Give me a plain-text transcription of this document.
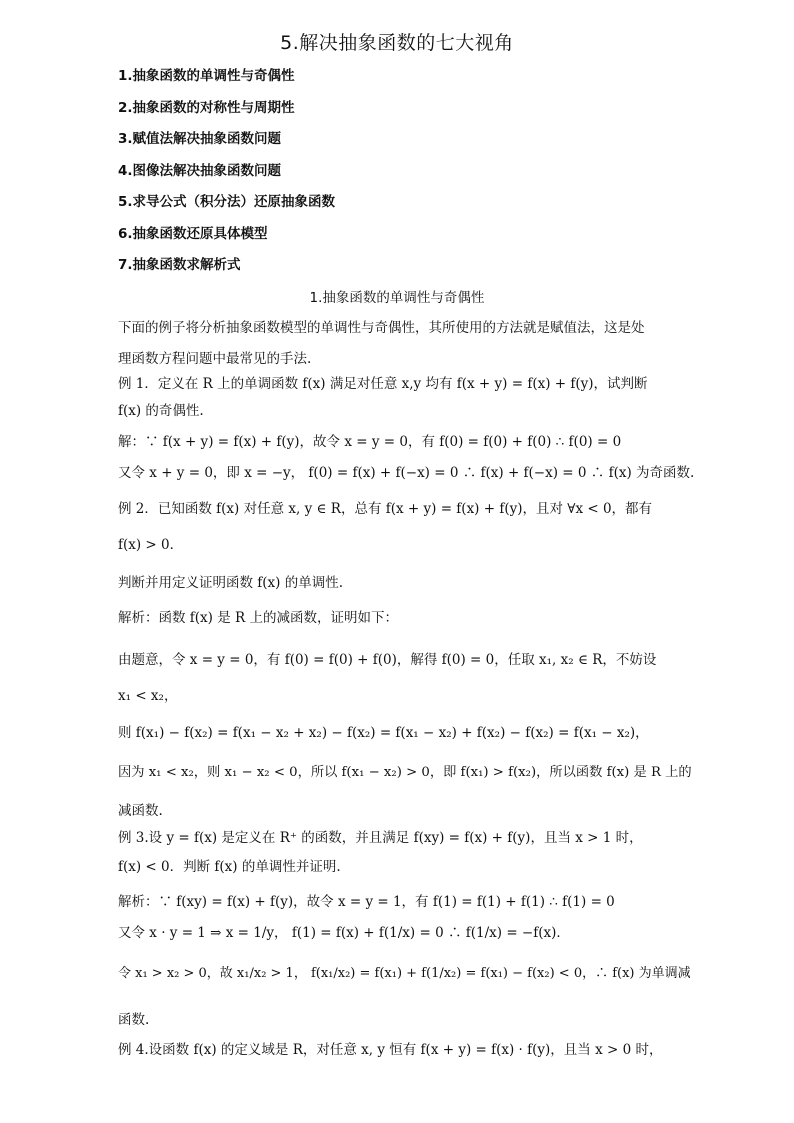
5.解决抽象函数的七大视角
1.抽象函数的单调性与奇偶性
2.抽象函数的对称性与周期性
3.赋值法解决抽象函数问题
4.图像法解决抽象函数问题
5.求导公式（积分法）还原抽象函数
6.抽象函数还原具体模型
7.抽象函数求解析式
1.抽象函数的单调性与奇偶性
下面的例子将分析抽象函数模型的单调性与奇偶性，其所使用的方法就是赋值法，这是处
理函数方程问题中最常见的手法.
例 1．定义在 R 上的单调函数 f(x) 满足对任意 x,y 均有 f(x + y) = f(x) + f(y)，试判断
f(x) 的奇偶性.
解：∵ f(x + y) = f(x) + f(y)，故令 x = y = 0，有 f(0) = f(0) + f(0) ∴ f(0) = 0
又令 x + y = 0，即 x = −y， f(0) = f(x) + f(−x) = 0 ∴ f(x) + f(−x) = 0 ∴ f(x) 为奇函数.
例 2．已知函数 f(x) 对任意 x, y ∈ R，总有 f(x + y) = f(x) + f(y)，且对 ∀x < 0，都有
f(x) > 0．
判断并用定义证明函数 f(x) 的单调性.
解析：函数 f(x) 是 R 上的减函数，证明如下：
由题意，令 x = y = 0，有 f(0) = f(0) + f(0)，解得 f(0) = 0，任取 x₁, x₂ ∈ R，不妨设
x₁ < x₂，
则 f(x₁) − f(x₂) = f(x₁ − x₂ + x₂) − f(x₂) = f(x₁ − x₂) + f(x₂) − f(x₂) = f(x₁ − x₂)，
因为 x₁ < x₂，则 x₁ − x₂ < 0，所以 f(x₁ − x₂) > 0，即 f(x₁) > f(x₂)，所以函数 f(x) 是 R 上的
减函数.
例 3.设 y = f(x) 是定义在 R⁺ 的函数，并且满足 f(xy) = f(x) + f(y)，且当 x > 1 时，
f(x) < 0．判断 f(x) 的单调性并证明.
解析：∵ f(xy) = f(x) + f(y)，故令 x = y = 1，有 f(1) = f(1) + f(1) ∴ f(1) = 0
又令 x · y = 1 ⇒ x = 1/y， f(1) = f(x) + f(1/x) = 0 ∴ f(1/x) = −f(x)．
令 x₁ > x₂ > 0，故 x₁/x₂ > 1， f(x₁/x₂) = f(x₁) + f(1/x₂) = f(x₁) − f(x₂) < 0，∴ f(x) 为单调减
函数.
例 4.设函数 f(x) 的定义域是 R，对任意 x, y 恒有 f(x + y) = f(x) · f(y)，且当 x > 0 时，
